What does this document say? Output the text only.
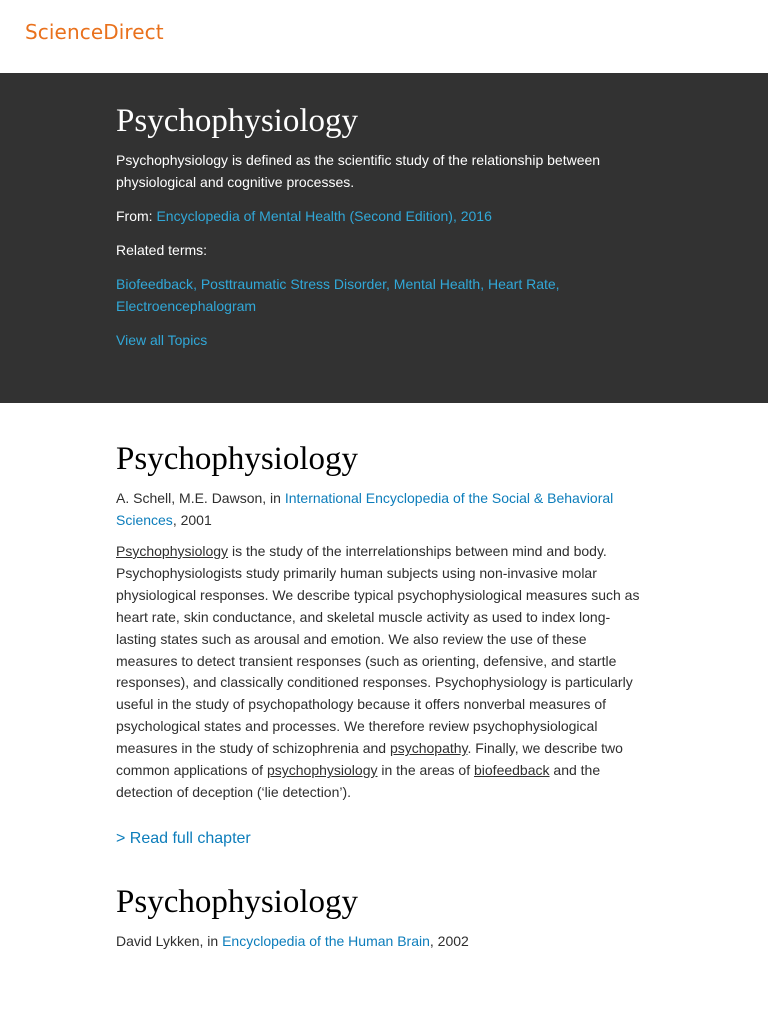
ScienceDirect
Psychophysiology

Psychophysiology is defined as the scientific study of the relationship between physiological and cognitive processes.

From: Encyclopedia of Mental Health (Second Edition), 2016

Related terms:

Biofeedback, Posttraumatic Stress Disorder, Mental Health, Heart Rate, Electroencephalogram

View all Topics

Psychophysiology

A. Schell, M.E. Dawson, in International Encyclopedia of the Social & Behavioral Sciences, 2001

Psychophysiology is the study of the interrelationships between mind and body. Psychophysiologists study primarily human subjects using non-invasive molar physiological responses. We describe typical psychophysiological measures such as heart rate, skin conductance, and skeletal muscle activity as used to index long-lasting states such as arousal and emotion. We also review the use of these measures to detect transient responses (such as orienting, defensive, and startle responses), and classically conditioned responses. Psychophysiology is particularly useful in the study of psychopathology because it offers nonverbal measures of psychological states and processes. We therefore review psychophysiological measures in the study of schizophrenia and psychopathy. Finally, we describe two common applications of psychophysiology in the areas of biofeedback and the detection of deception (‘lie detection’).

> Read full chapter
Psychophysiology

David Lykken, in Encyclopedia of the Human Brain, 2002
